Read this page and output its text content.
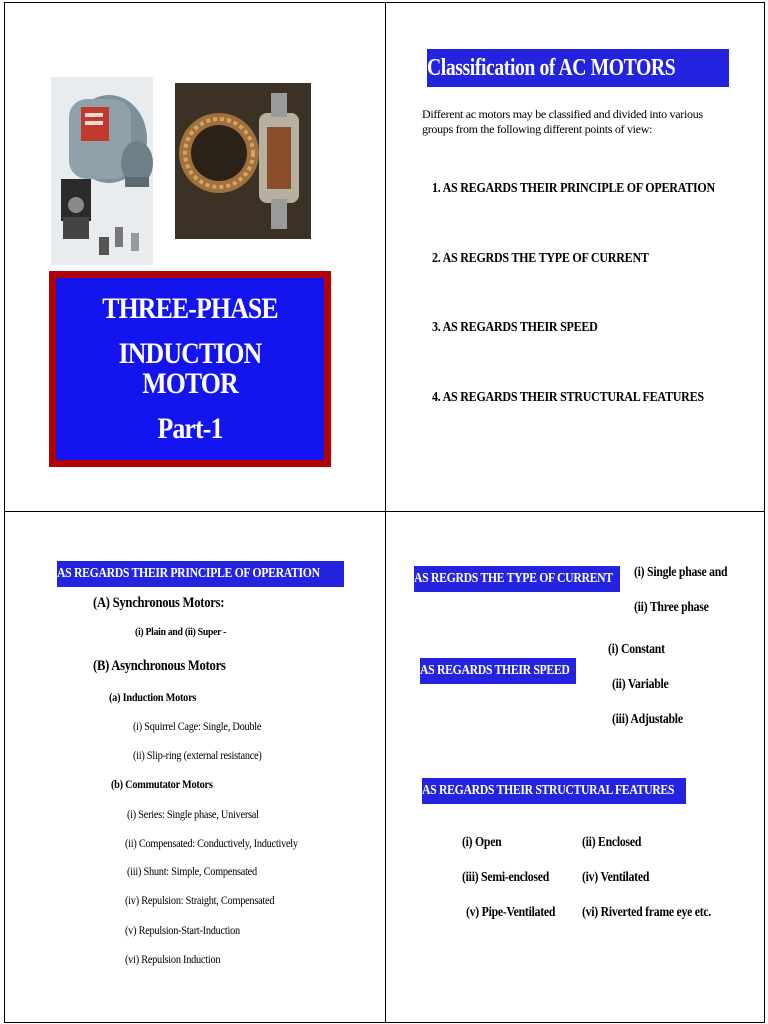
THREE-PHASE
INDUCTION MOTOR
Part-1
Classification of AC MOTORS
Different ac motors may be classified and divided into various groups from the following different points of view:
1. AS REGARDS THEIR PRINCIPLE OF OPERATION
2. AS REGRDS THE TYPE OF CURRENT
3. AS REGARDS THEIR SPEED
4. AS REGARDS THEIR STRUCTURAL FEATURES
AS REGARDS THEIR PRINCIPLE OF OPERATION
(A) Synchronous Motors:
(i) Plain and (ii) Super -
(B) Asynchronous Motors
(a) Induction Motors
(i) Squirrel Cage: Single, Double
(ii) Slip-ring (external resistance)
(b) Commutator Motors
(i) Series: Single phase, Universal
(ii) Compensated: Conductively, Inductively
(iii) Shunt: Simple, Compensated
(iv) Repulsion: Straight, Compensated
(v) Repulsion-Start-Induction
(vi) Repulsion Induction
AS REGRDS THE TYPE OF CURRENT	(i) Single phase and
(ii) Three phase
(i) Constant
AS REGARDS THEIR SPEED
(ii) Variable
(iii) Adjustable
AS REGARDS THEIR STRUCTURAL FEATURES
(i) Open	(ii) Enclosed
(iii) Semi-enclosed	(iv) Ventilated
(v) Pipe-Ventilated	(vi) Riverted frame eye etc.
